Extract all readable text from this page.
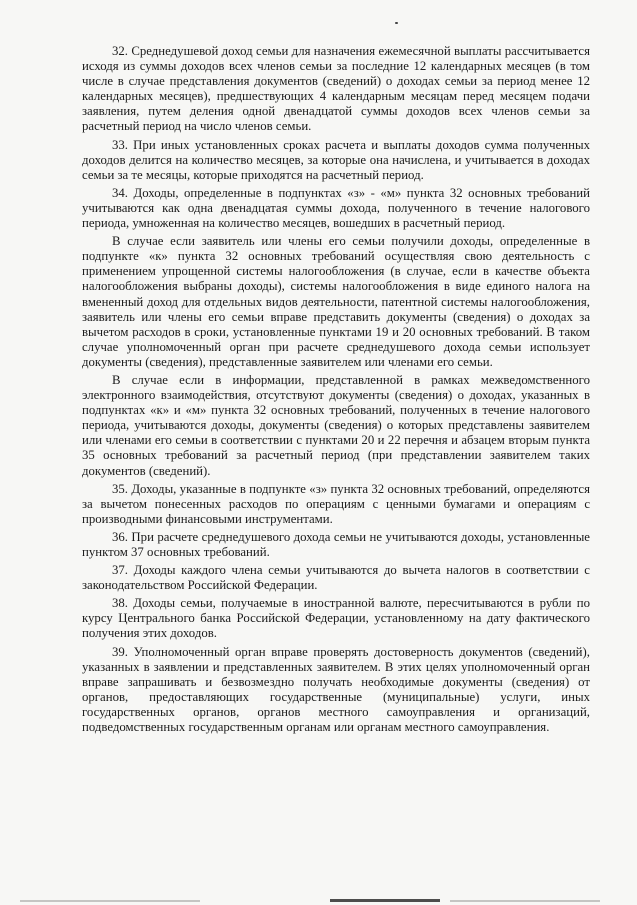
32. Среднедушевой доход семьи для назначения ежемесячной выплаты рассчитывается исходя из суммы доходов всех членов семьи за последние 12 календарных месяцев (в том числе в случае представления документов (сведений) о доходах семьи за период менее 12 календарных месяцев), предшествующих 4 календарным месяцам перед месяцем подачи заявления, путем деления одной двенадцатой суммы доходов всех членов семьи за расчетный период на число членов семьи.

33. При иных установленных сроках расчета и выплаты доходов сумма полученных доходов делится на количество месяцев, за которые она начислена, и учитывается в доходах семьи за те месяцы, которые приходятся на расчетный период.

34. Доходы, определенные в подпунктах «з» - «м» пункта 32 основных требований учитываются как одна двенадцатая суммы дохода, полученного в течение налогового периода, умноженная на количество месяцев, вошедших в расчетный период.

В случае если заявитель или члены его семьи получили доходы, определенные в подпункте «к» пункта 32 основных требований осуществляя свою деятельность с применением упрощенной системы налогообложения (в случае, если в качестве объекта налогообложения выбраны доходы), системы налогообложения в виде единого налога на вмененный доход для отдельных видов деятельности, патентной системы налогообложения, заявитель или члены его семьи вправе представить документы (сведения) о доходах за вычетом расходов в сроки, установленные пунктами 19 и 20 основных требований. В таком случае уполномоченный орган при расчете среднедушевого дохода семьи использует документы (сведения), представленные заявителем или членами его семьи.

В случае если в информации, представленной в рамках межведомственного электронного взаимодействия, отсутствуют документы (сведения) о доходах, указанных в подпунктах «к» и «м» пункта 32 основных требований, полученных в течение налогового периода, учитываются доходы, документы (сведения) о которых представлены заявителем или членами его семьи в соответствии с пунктами 20 и 22 перечня и абзацем вторым пункта 35 основных требований за расчетный период (при представлении заявителем таких документов (сведений).

35. Доходы, указанные в подпункте «з» пункта 32 основных требований, определяются за вычетом понесенных расходов по операциям с ценными бумагами и операциям с производными финансовыми инструментами.

36. При расчете среднедушевого дохода семьи не учитываются доходы, установленные пунктом 37 основных требований.

37. Доходы каждого члена семьи учитываются до вычета налогов в соответствии с законодательством Российской Федерации.

38. Доходы семьи, получаемые в иностранной валюте, пересчитываются в рубли по курсу Центрального банка Российской Федерации, установленному на дату фактического получения этих доходов.

39. Уполномоченный орган вправе проверять достоверность документов (сведений), указанных в заявлении и представленных заявителем. В этих целях уполномоченный орган вправе запрашивать и безвозмездно получать необходимые документы (сведения) от органов, предоставляющих государственные (муниципальные) услуги, иных государственных органов, органов местного самоуправления и организаций, подведомственных государственным органам или органам местного самоуправления.
